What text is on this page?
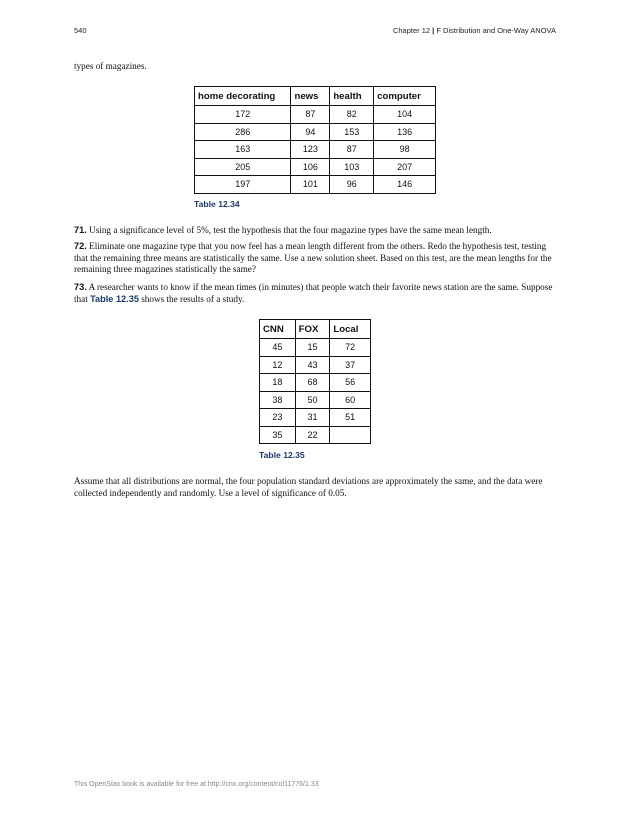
540	Chapter 12 | F Distribution and One-Way ANOVA
types of magazines.
home decorating	news	health	computer
172	87	82	104
286	94	153	136
163	123	87	98
205	106	103	207
197	101	96	146
Table 12.34
71. Using a significance level of 5%, test the hypothesis that the four magazine types have the same mean length.
72. Eliminate one magazine type that you now feel has a mean length different from the others. Redo the hypothesis test, testing that the remaining three means are statistically the same. Use a new solution sheet. Based on this test, are the mean lengths for the remaining three magazines statistically the same?
73. A researcher wants to know if the mean times (in minutes) that people watch their favorite news station are the same. Suppose that Table 12.35 shows the results of a study.
CNN	FOX	Local
45	15	72
12	43	37
18	68	56
38	50	60
23	31	51
35	22	
Table 12.35
Assume that all distributions are normal, the four population standard deviations are approximately the same, and the data were collected independently and randomly. Use a level of significance of 0.05.
This OpenStax book is available for free at http://cnx.org/content/col11776/1.33
